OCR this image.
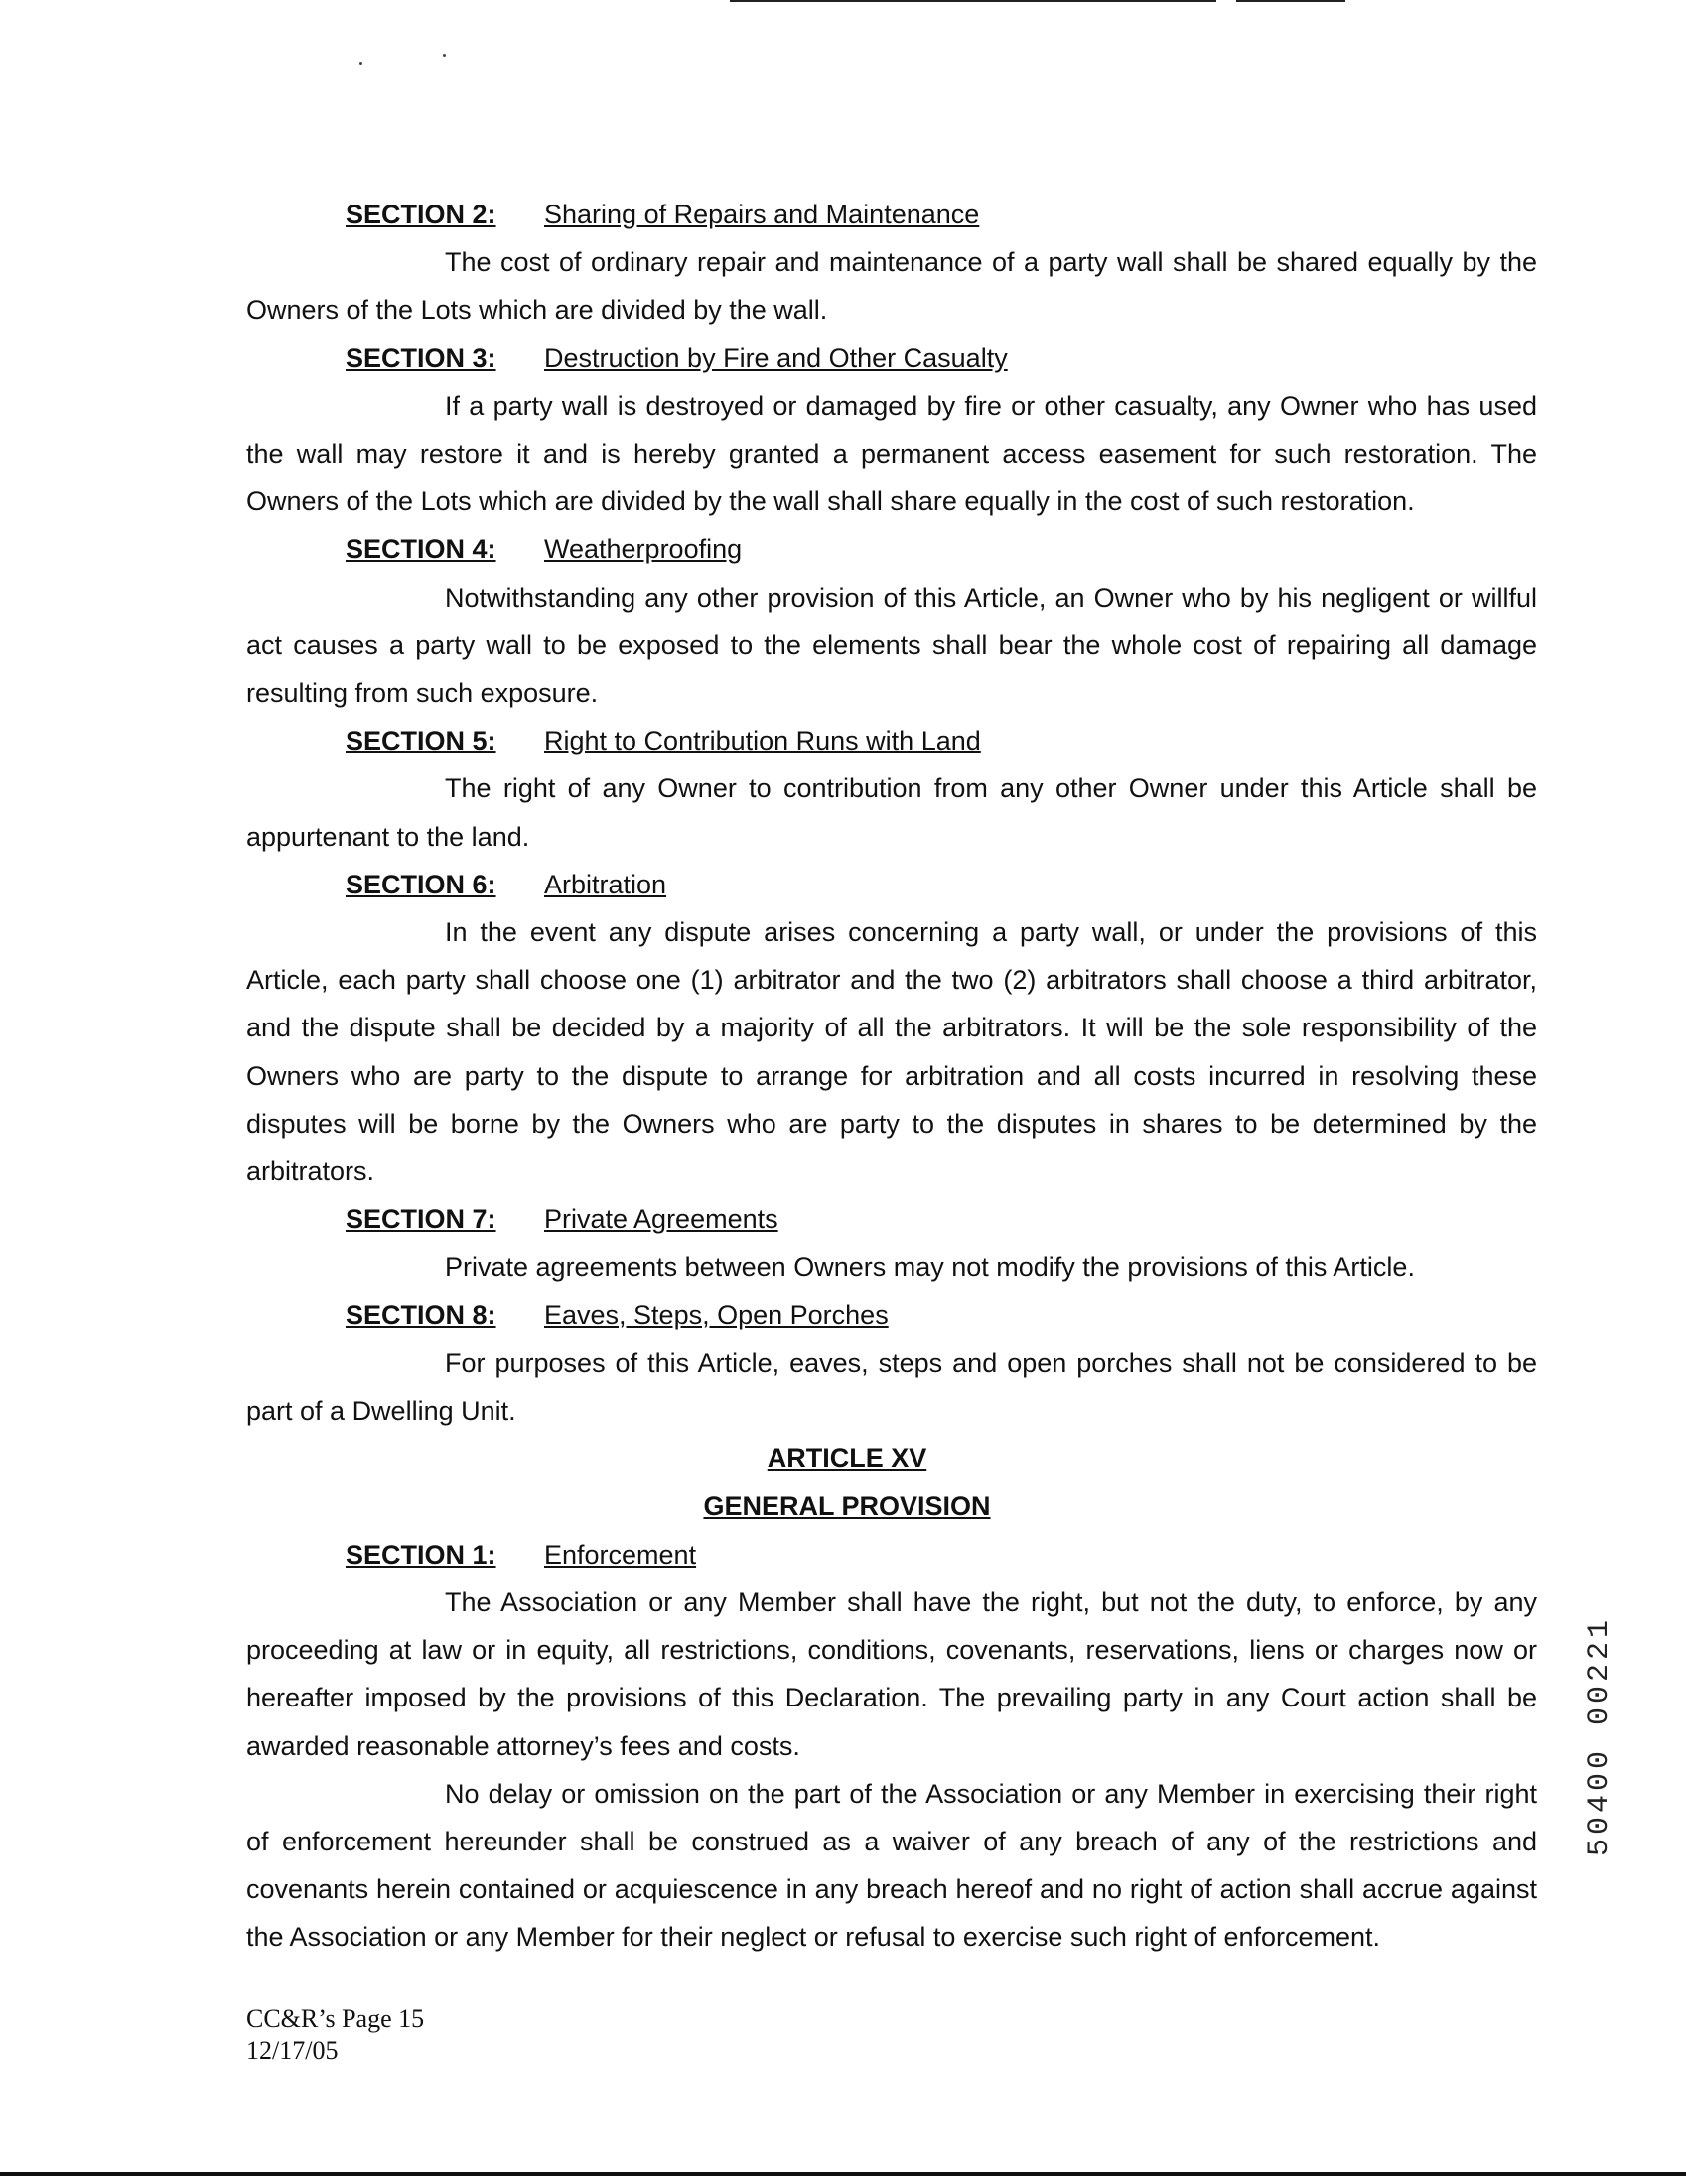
SECTION 2: Sharing of Repairs and Maintenance

The cost of ordinary repair and maintenance of a party wall shall be shared equally by the Owners of the Lots which are divided by the wall.

SECTION 3: Destruction by Fire and Other Casualty

If a party wall is destroyed or damaged by fire or other casualty, any Owner who has used the wall may restore it and is hereby granted a permanent access easement for such restoration. The Owners of the Lots which are divided by the wall shall share equally in the cost of such restoration.

SECTION 4: Weatherproofing

Notwithstanding any other provision of this Article, an Owner who by his negligent or willful act causes a party wall to be exposed to the elements shall bear the whole cost of repairing all damage resulting from such exposure.

SECTION 5: Right to Contribution Runs with Land

The right of any Owner to contribution from any other Owner under this Article shall be appurtenant to the land.

SECTION 6: Arbitration

In the event any dispute arises concerning a party wall, or under the provisions of this Article, each party shall choose one (1) arbitrator and the two (2) arbitrators shall choose a third arbitrator, and the dispute shall be decided by a majority of all the arbitrators. It will be the sole responsibility of the Owners who are party to the dispute to arrange for arbitration and all costs incurred in resolving these disputes will be borne by the Owners who are party to the disputes in shares to be determined by the arbitrators.

SECTION 7: Private Agreements

Private agreements between Owners may not modify the provisions of this Article.

SECTION 8: Eaves, Steps, Open Porches

For purposes of this Article, eaves, steps and open porches shall not be considered to be part of a Dwelling Unit.

ARTICLE XV

GENERAL PROVISION

SECTION 1: Enforcement

The Association or any Member shall have the right, but not the duty, to enforce, by any proceeding at law or in equity, all restrictions, conditions, covenants, reservations, liens or charges now or hereafter imposed by the provisions of this Declaration. The prevailing party in any Court action shall be awarded reasonable attorney’s fees and costs.

No delay or omission on the part of the Association or any Member in exercising their right of enforcement hereunder shall be construed as a waiver of any breach of any of the restrictions and covenants herein contained or acquiescence in any breach hereof and no right of action shall accrue against the Association or any Member for their neglect or refusal to exercise such right of enforcement.

CC&R’s Page 15
12/17/05
50400 00221
